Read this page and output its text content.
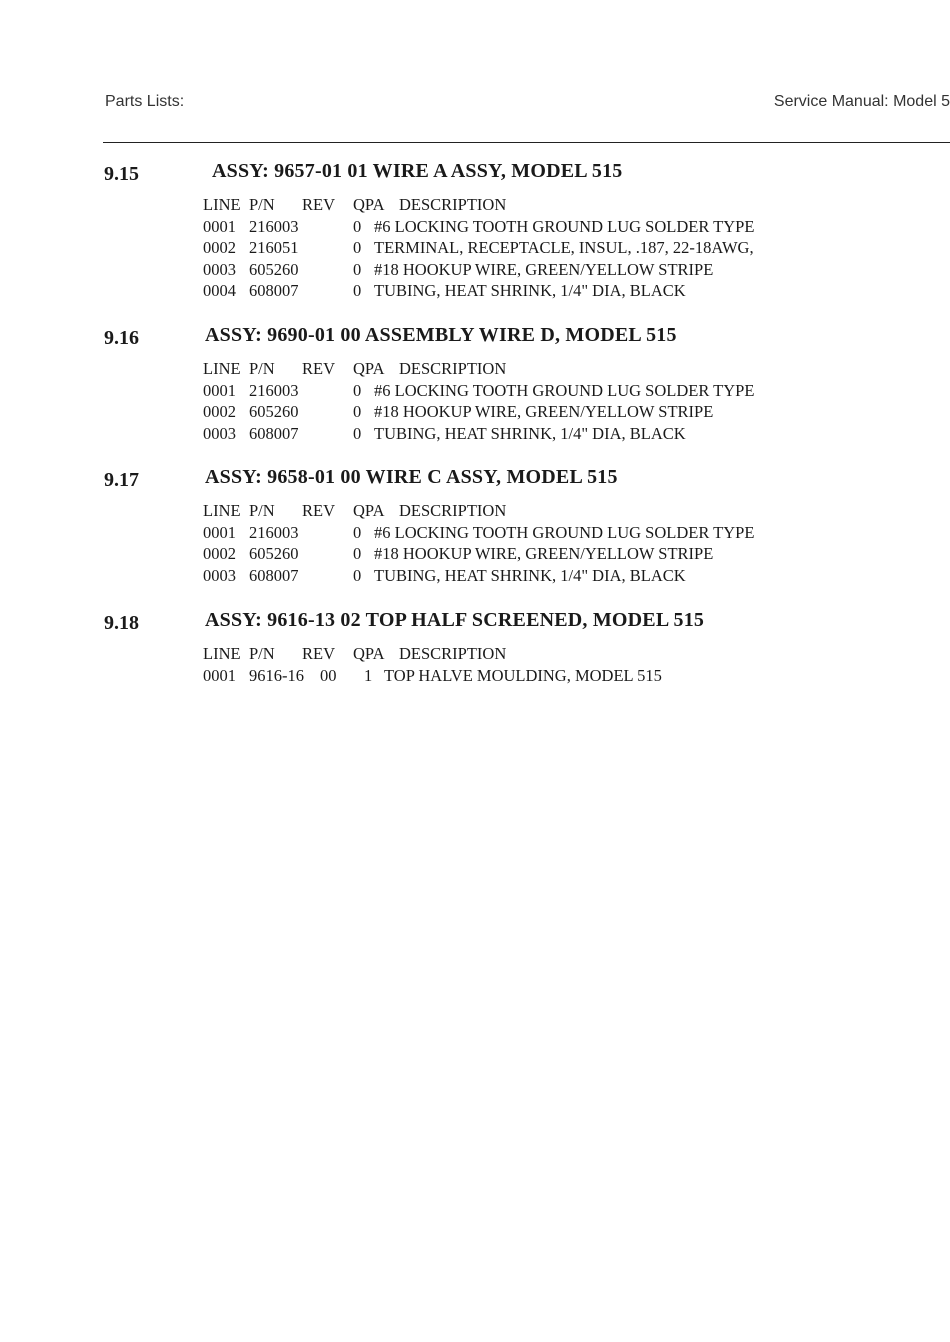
Parts Lists:	Service Manual: Model 5
9.15	ASSY: 9657-01 01 WIRE A ASSY, MODEL 515
LINE P/N REV QPA DESCRIPTION
0001 216003	0 #6 LOCKING TOOTH GROUND LUG SOLDER TYPE
0002 216051	0 TERMINAL, RECEPTACLE, INSUL, .187, 22-18AWG,
0003 605260	0 #18 HOOKUP WIRE, GREEN/YELLOW STRIPE
0004 608007	0 TUBING, HEAT SHRINK, 1/4" DIA, BLACK
9.16	ASSY: 9690-01 00 ASSEMBLY WIRE D, MODEL 515
LINE P/N REV QPA DESCRIPTION
0001 216003	0 #6 LOCKING TOOTH GROUND LUG SOLDER TYPE
0002 605260	0 #18 HOOKUP WIRE, GREEN/YELLOW STRIPE
0003 608007	0 TUBING, HEAT SHRINK, 1/4" DIA, BLACK
9.17	ASSY: 9658-01 00 WIRE C ASSY, MODEL 515
LINE P/N REV QPA DESCRIPTION
0001 216003	0 #6 LOCKING TOOTH GROUND LUG SOLDER TYPE
0002 605260	0 #18 HOOKUP WIRE, GREEN/YELLOW STRIPE
0003 608007	0 TUBING, HEAT SHRINK, 1/4" DIA, BLACK
9.18	ASSY: 9616-13 02 TOP HALF SCREENED, MODEL 515
LINE P/N REV QPA DESCRIPTION
0001 9616-16 00 1 TOP HALVE MOULDING, MODEL 515
